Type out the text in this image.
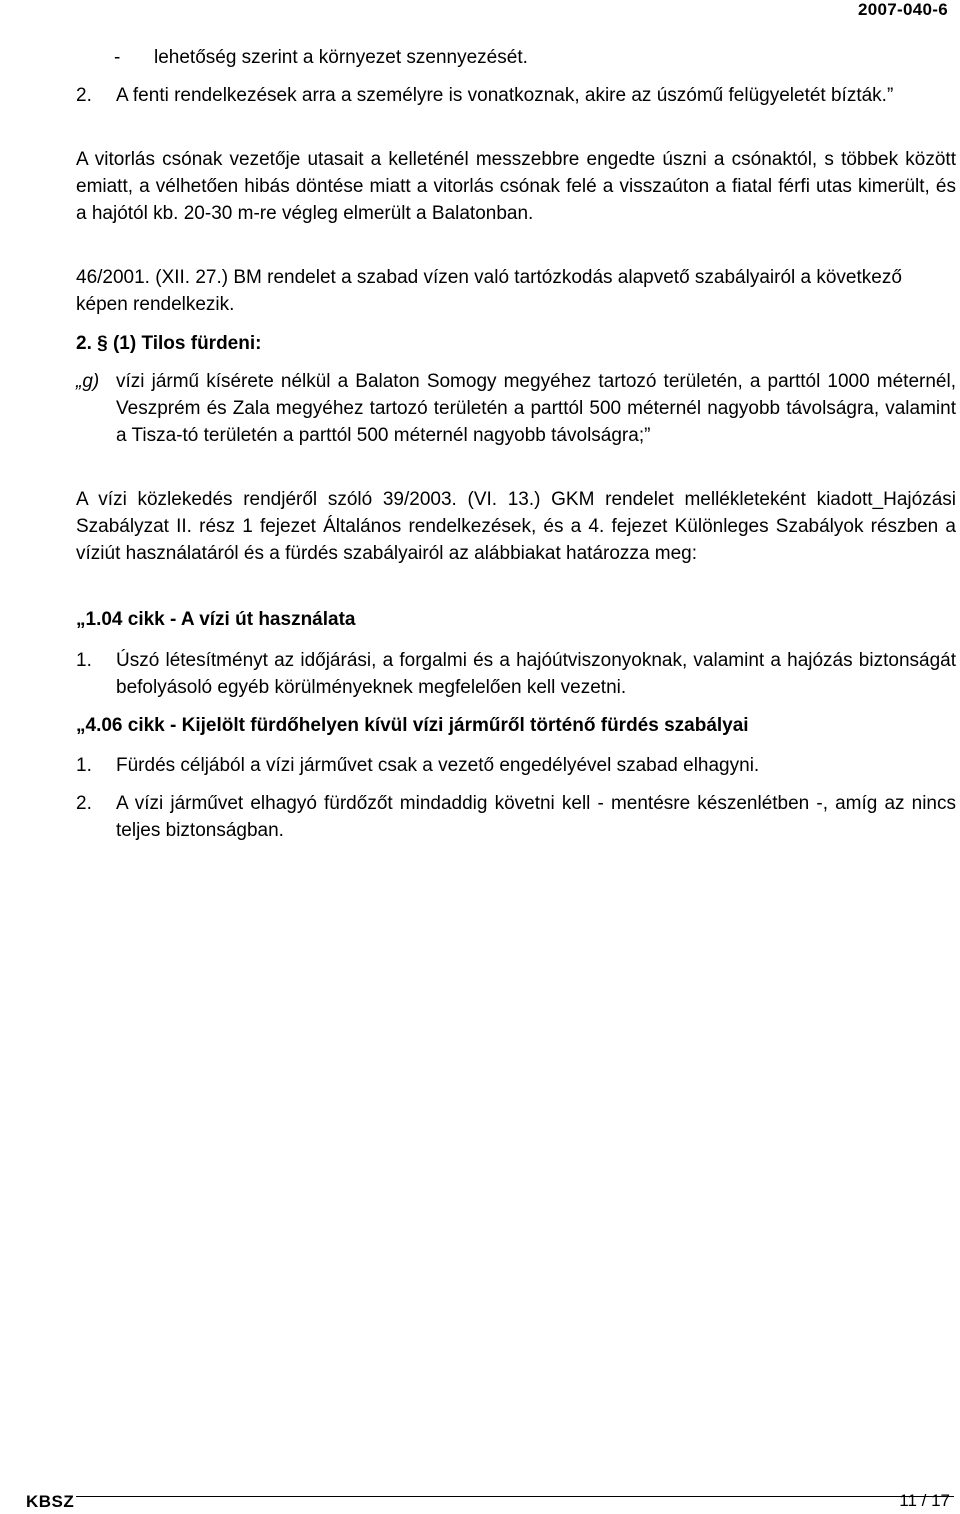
2007-040-6
- lehetőség szerint a környezet szennyezését.
2. A fenti rendelkezések arra a személyre is vonatkoznak, akire az úszómű felügyeletét bízták.”
A vitorlás csónak vezetője utasait a kelleténél messzebbre engedte úszni a csónaktól, s többek között emiatt, a vélhetően hibás döntése miatt a vitorlás csónak felé a visszaúton a fiatal férfi utas kimerült, és a hajótól kb. 20-30 m-re végleg elmerült a Balatonban.
46/2001. (XII. 27.) BM rendelet a szabad vízen való tartózkodás alapvető szabályairól a következő képen rendelkezik.
2. § (1) Tilos fürdeni:
„g) vízi jármű kísérete nélkül a Balaton Somogy megyéhez tartozó területén, a parttól 1000 méternél, Veszprém és Zala megyéhez tartozó területén a parttól 500 méternél nagyobb távolságra, valamint a Tisza-tó területén a parttól 500 méternél nagyobb távolságra;”
A vízi közlekedés rendjéről szóló 39/2003. (VI. 13.) GKM rendelet mellékleteként kiadott_Hajózási Szabályzat II. rész 1 fejezet Általános rendelkezések, és a 4. fejezet Különleges Szabályok részben a víziút használatáról és a fürdés szabályairól az alábbiakat határozza meg:
„1.04 cikk - A vízi út használata
1. Úszó létesítményt az időjárási, a forgalmi és a hajóútviszonyoknak, valamint a hajózás biztonságát befolyásoló egyéb körülményeknek megfelelően kell vezetni.
„4.06 cikk - Kijelölt fürdőhelyen kívül vízi járműről történő fürdés szabályai
1. Fürdés céljából a vízi járművet csak a vezető engedélyével szabad elhagyni.
2. A vízi járművet elhagyó fürdőzőt mindaddig követni kell - mentésre készenlétben -, amíg az nincs teljes biztonságban.
KBSZ	11 / 17
